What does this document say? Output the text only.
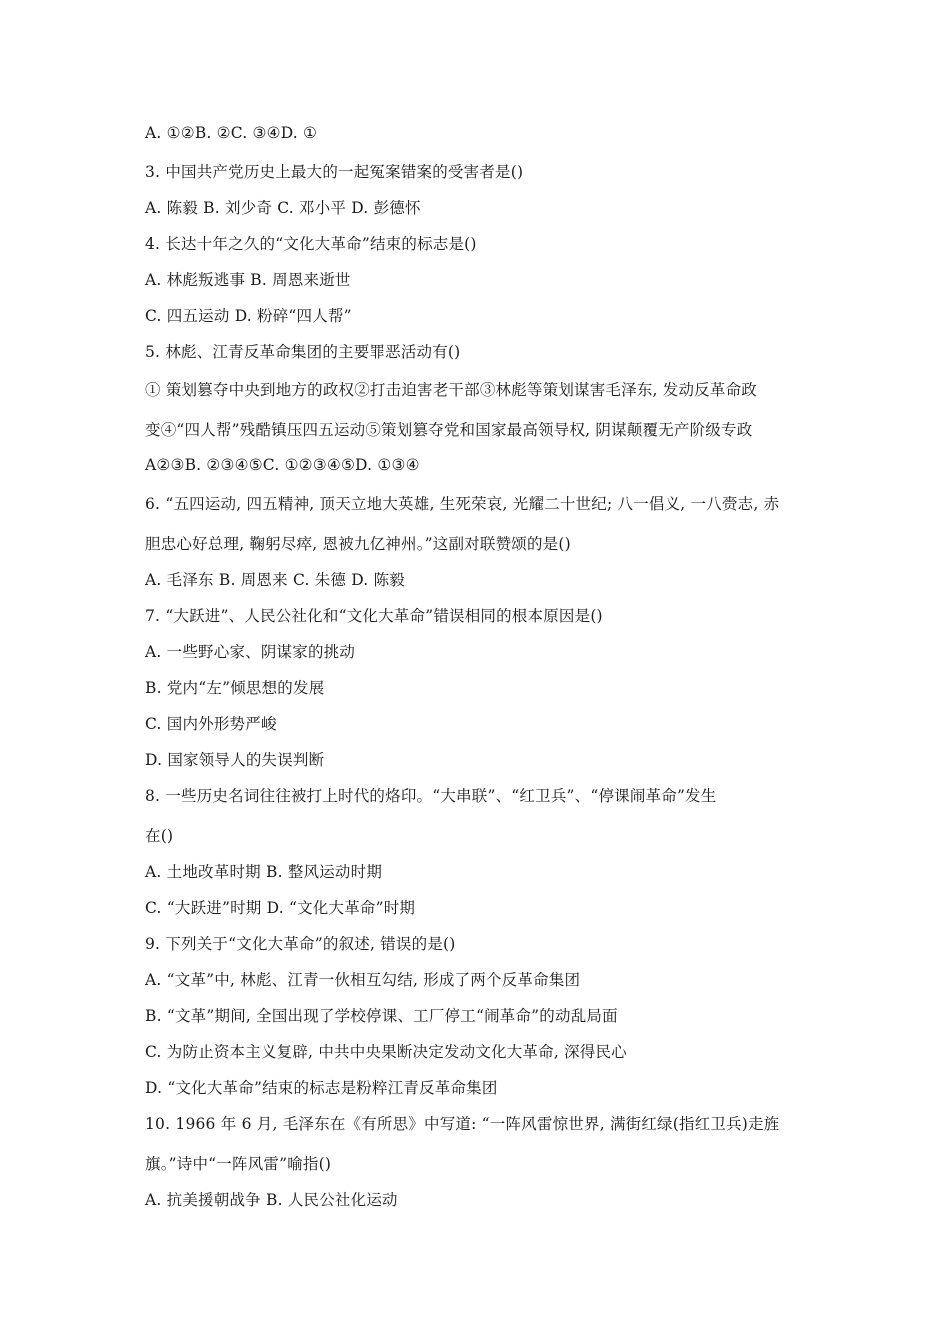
A. ①②B. ②C. ③④D. ①
3. 中国共产党历史上最大的一起冤案错案的受害者是()
A. 陈毅 B. 刘少奇 C. 邓小平 D. 彭德怀
4. 长达十年之久的“文化大革命”结束的标志是()
A. 林彪叛逃事 B. 周恩来逝世
C. 四五运动 D. 粉碎“四人帮”
5. 林彪、江青反革命集团的主要罪恶活动有()
① 策划篡夺中央到地方的政权②打击迫害老干部③林彪等策划谋害毛泽东, 发动反革命政
变④“四人帮”残酷镇压四五运动⑤策划篡夺党和国家最高领导权, 阴谋颠覆无产阶级专政
A②③B. ②③④⑤C. ①②③④⑤D. ①③④
6. “五四运动, 四五精神, 顶天立地大英雄, 生死荣哀, 光耀二十世纪; 八一倡义, 一八赍志, 赤
胆忠心好总理, 鞠躬尽瘁, 恩被九亿神州。”这副对联赞颂的是()
A. 毛泽东 B. 周恩来 C. 朱德 D. 陈毅
7. “大跃进”、人民公社化和“文化大革命”错误相同的根本原因是()
A. 一些野心家、阴谋家的挑动
B. 党内“左”倾思想的发展
C. 国内外形势严峻
D. 国家领导人的失误判断
8. 一些历史名词往往被打上时代的烙印。“大串联”、“红卫兵”、“停课闹革命”发生
在()
A. 土地改革时期 B. 整风运动时期
C. “大跃进”时期 D. “文化大革命”时期
9. 下列关于“文化大革命”的叙述, 错误的是()
A. “文革”中, 林彪、江青一伙相互勾结, 形成了两个反革命集团
B. “文革”期间, 全国出现了学校停课、工厂停工“闹革命”的动乱局面
C. 为防止资本主义复辟, 中共中央果断决定发动文化大革命, 深得民心
D. “文化大革命”结束的标志是粉粹江青反革命集团
10. 1966 年 6 月, 毛泽东在《有所思》中写道: “一阵风雷惊世界, 满街红绿(指红卫兵)走旌
旗。”诗中“一阵风雷”喻指()
A. 抗美援朝战争 B. 人民公社化运动
